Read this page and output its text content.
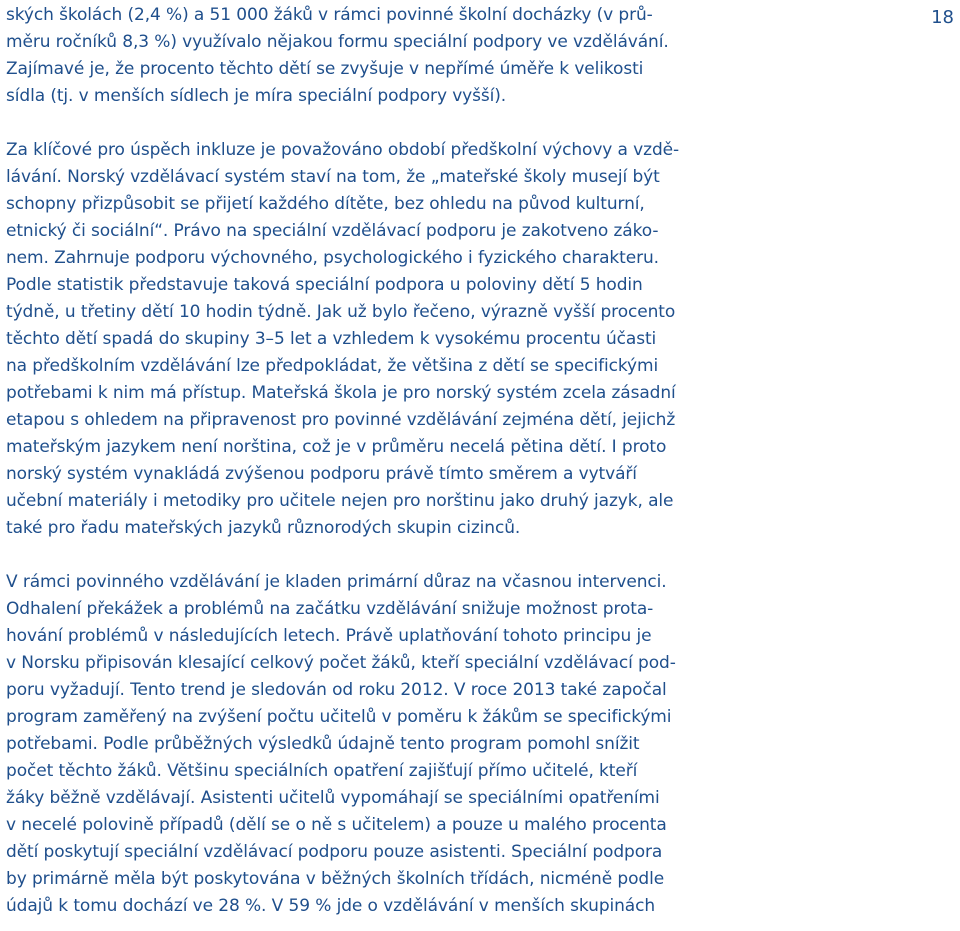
18
ských školách (2,4 %) a 51 000 žáků v rámci povinné školní docházky (v prů-
měru ročníků 8,3 %) využívalo nějakou formu speciální podpory ve vzdělávání.
Zajímavé je, že procento těchto dětí se zvyšuje v nepřímé úměře k velikosti
sídla (tj. v menších sídlech je míra speciální podpory vyšší).
Za klíčové pro úspěch inkluze je považováno období předškolní výchovy a vzdě-
lávání. Norský vzdělávací systém staví na tom, že „mateřské školy musejí být
schopny přizpůsobit se přijetí každého dítěte, bez ohledu na původ kulturní,
etnický či sociální“. Právo na speciální vzdělávací podporu je zakotveno záko-
nem. Zahrnuje podporu výchovného, psychologického i fyzického charakteru.
Podle statistik představuje taková speciální podpora u poloviny dětí 5 hodin
týdně, u třetiny dětí 10 hodin týdně. Jak už bylo řečeno, výrazně vyšší procento
těchto dětí spadá do skupiny 3–5 let a vzhledem k vysokému procentu účasti
na předškolním vzdělávání lze předpokládat, že většina z dětí se specifickými
potřebami k nim má přístup. Mateřská škola je pro norský systém zcela zásadní
etapou s ohledem na připravenost pro povinné vzdělávání zejména dětí, jejichž
mateřským jazykem není norština, což je v průměru necelá pětina dětí. I proto
norský systém vynakládá zvýšenou podporu právě tímto směrem a vytváří
učební materiály i metodiky pro učitele nejen pro norštinu jako druhý jazyk, ale
také pro řadu mateřských jazyků různorodých skupin cizinců.
V rámci povinného vzdělávání je kladen primární důraz na včasnou intervenci.
Odhalení překážek a problémů na začátku vzdělávání snižuje možnost prota-
hování problémů v následujících letech. Právě uplatňování tohoto principu je
v Norsku připisován klesající celkový počet žáků, kteří speciální vzdělávací pod-
poru vyžadují. Tento trend je sledován od roku 2012. V roce 2013 také započal
program zaměřený na zvýšení počtu učitelů v poměru k žákům se specifickými
potřebami. Podle průběžných výsledků údajně tento program pomohl snížit
počet těchto žáků. Většinu speciálních opatření zajišťují přímo učitelé, kteří
žáky běžně vzdělávají. Asistenti učitelů vypomáhají se speciálními opatřeními
v necelé polovině případů (dělí se o ně s učitelem) a pouze u malého procenta
dětí poskytují speciální vzdělávací podporu pouze asistenti. Speciální podpora
by primárně měla být poskytována v běžných školních třídách, nicméně podle
údajů k tomu dochází ve 28 %. V 59 % jde o vzdělávání v menších skupinách
